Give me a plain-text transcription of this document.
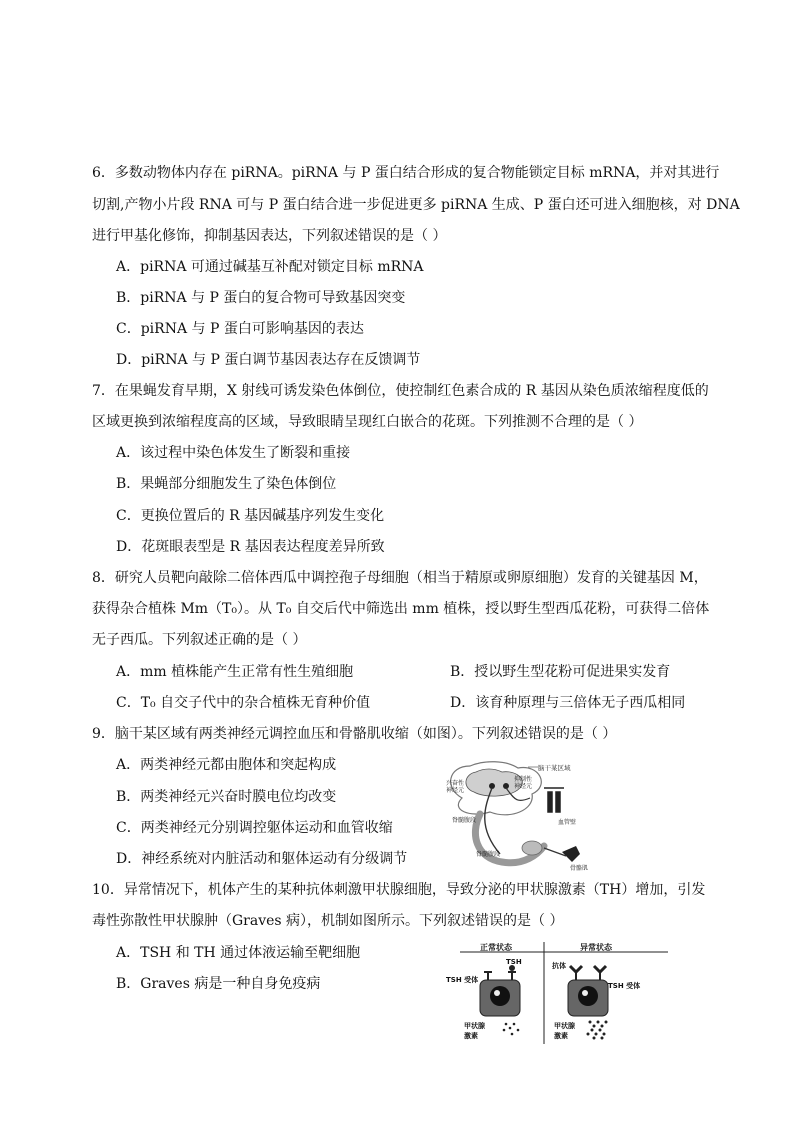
6．多数动物体内存在 piRNA。piRNA 与 P 蛋白结合形成的复合物能锁定目标 mRNA，并对其进行
切割,产物小片段 RNA 可与 P 蛋白结合进一步促进更多 piRNA 生成、P 蛋白还可进入细胞核，对 DNA
进行甲基化修饰，抑制基因表达，下列叙述错误的是（ ）
A．piRNA 可通过碱基互补配对锁定目标 mRNA
B．piRNA 与 P 蛋白的复合物可导致基因突变
C．piRNA 与 P 蛋白可影响基因的表达
D．piRNA 与 P 蛋白调节基因表达存在反馈调节
7．在果蝇发育早期，X 射线可诱发染色体倒位，使控制红色素合成的 R 基因从染色质浓缩程度低的
区域更换到浓缩程度高的区域，导致眼睛呈现红白嵌合的花斑。下列推测不合理的是（ ）
A．该过程中染色体发生了断裂和重接
B．果蝇部分细胞发生了染色体倒位
C．更换位置后的 R 基因碱基序列发生变化
D．花斑眼表型是 R 基因表达程度差异所致
8．研究人员靶向敲除二倍体西瓜中调控孢子母细胞（相当于精原或卵原细胞）发育的关键基因 M，
获得杂合植株 Mm（T₀）。从 T₀ 自交后代中筛选出 mm 植株，授以野生型西瓜花粉，可获得二倍体
无子西瓜。下列叙述正确的是（ ）
A．mm 植株能产生正常有性生殖细胞	B．授以野生型花粉可促进果实发育
C．T₀ 自交子代中的杂合植株无育种价值	D．该育种原理与三倍体无子西瓜相同
9．脑干某区域有两类神经元调控血压和骨骼肌收缩（如图）。下列叙述错误的是（ ）
A．两类神经元都由胞体和突起构成
B．两类神经元兴奋时膜电位均改变
C．两类神经元分别调控躯体运动和血管收缩
D．神经系统对内脏活动和躯体运动有分级调节
脑干某区域
兴奋性
神经元
抑制性
神经元
血管壁
脊髓腹段
脊髓腹段
骨骼肌
10．异常情况下，机体产生的某种抗体刺激甲状腺细胞，导致分泌的甲状腺激素（TH）增加，引发
毒性弥散性甲状腺肿（Graves 病），机制如图所示。下列叙述错误的是（ ）
A．TSH 和 TH 通过体液运输至靶细胞
B．Graves 病是一种自身免疫病
正常状态	异常状态
TSH
TSH 受体
甲状腺
激素
抗体
TSH 受体
甲状腺
激素
